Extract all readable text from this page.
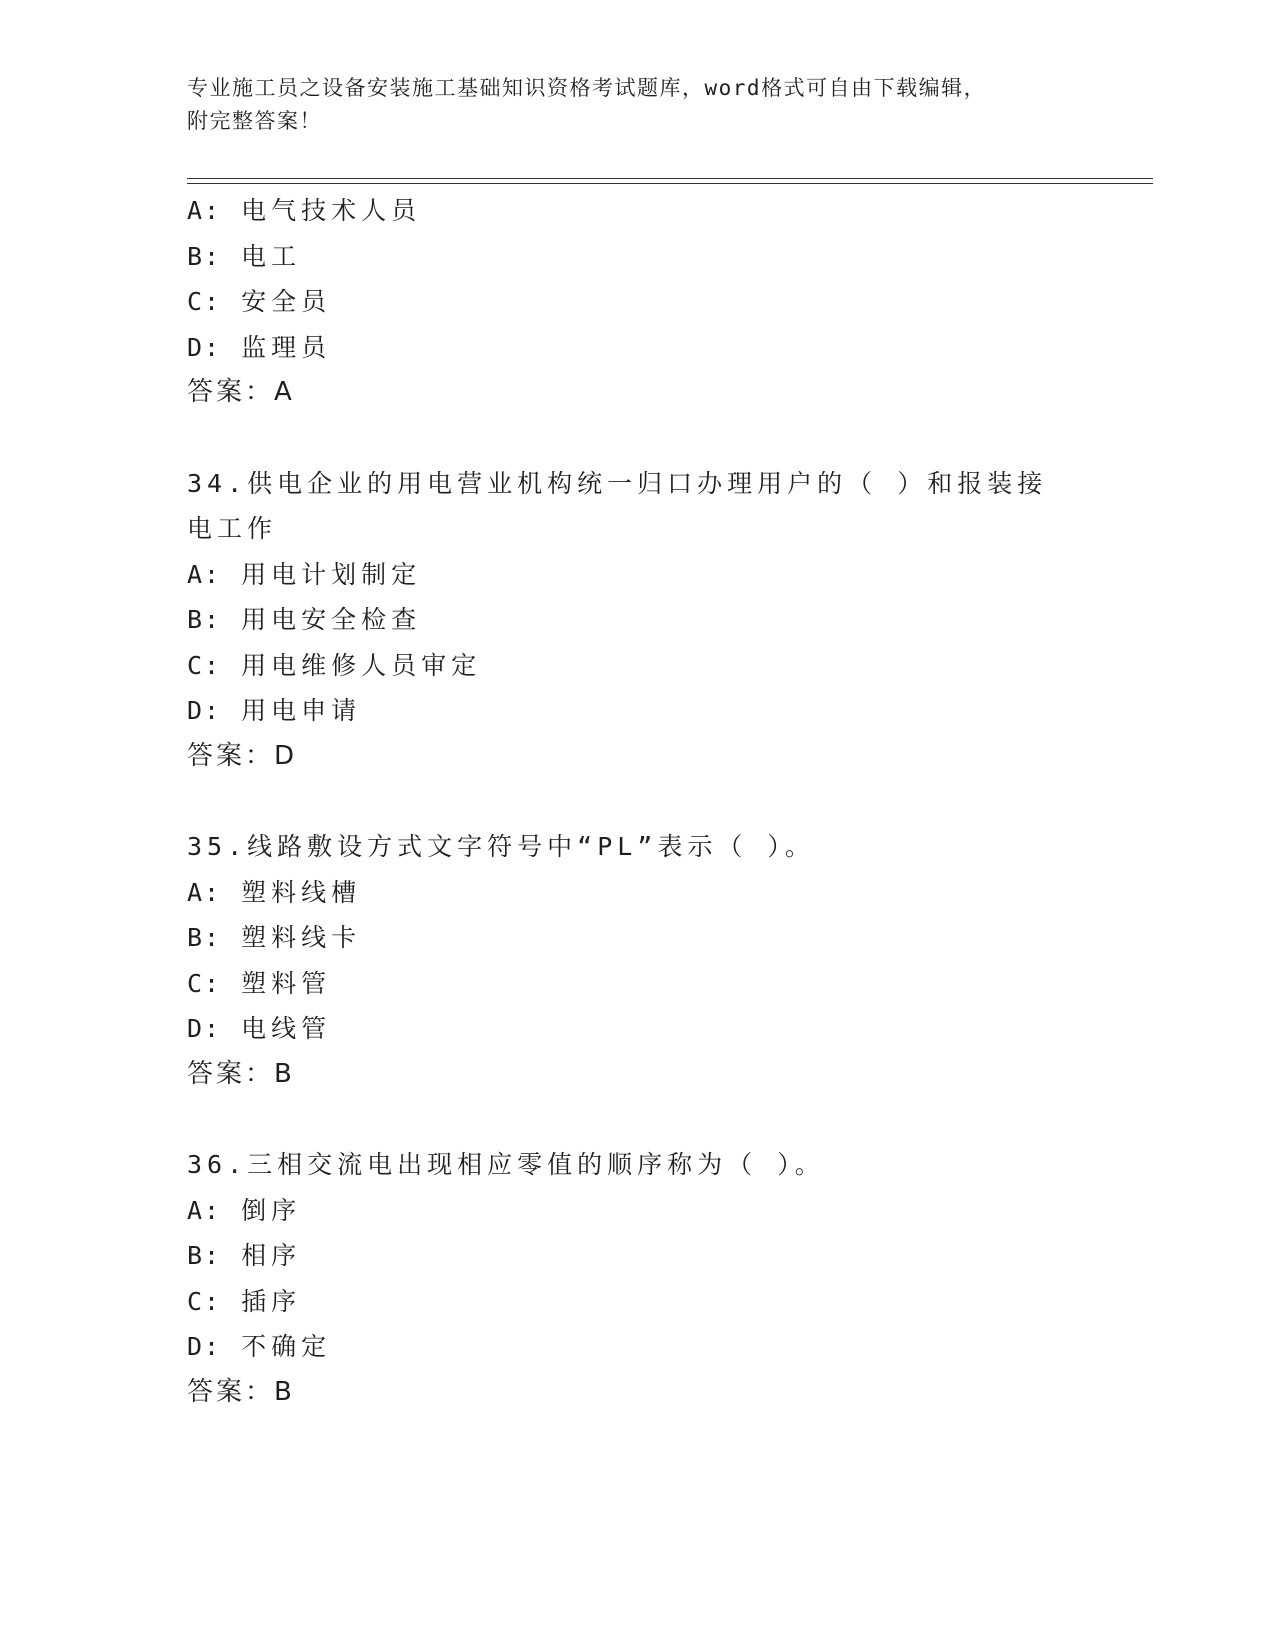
专业施工员之设备安装施工基础知识资格考试题库，word格式可自由下载编辑，
附完整答案！
A: 电气技术人员
B: 电工
C: 安全员
D: 监理员
答案：A
34.供电企业的用电营业机构统一归口办理用户的（ ）和报装接电工作
A: 用电计划制定
B: 用电安全检查
C: 用电维修人员审定
D: 用电申请
答案：D
35.线路敷设方式文字符号中“PL”表示（ ）。
A: 塑料线槽
B: 塑料线卡
C: 塑料管
D: 电线管
答案：B
36.三相交流电出现相应零值的顺序称为（ ）。
A: 倒序
B: 相序
C: 插序
D: 不确定
答案：B
